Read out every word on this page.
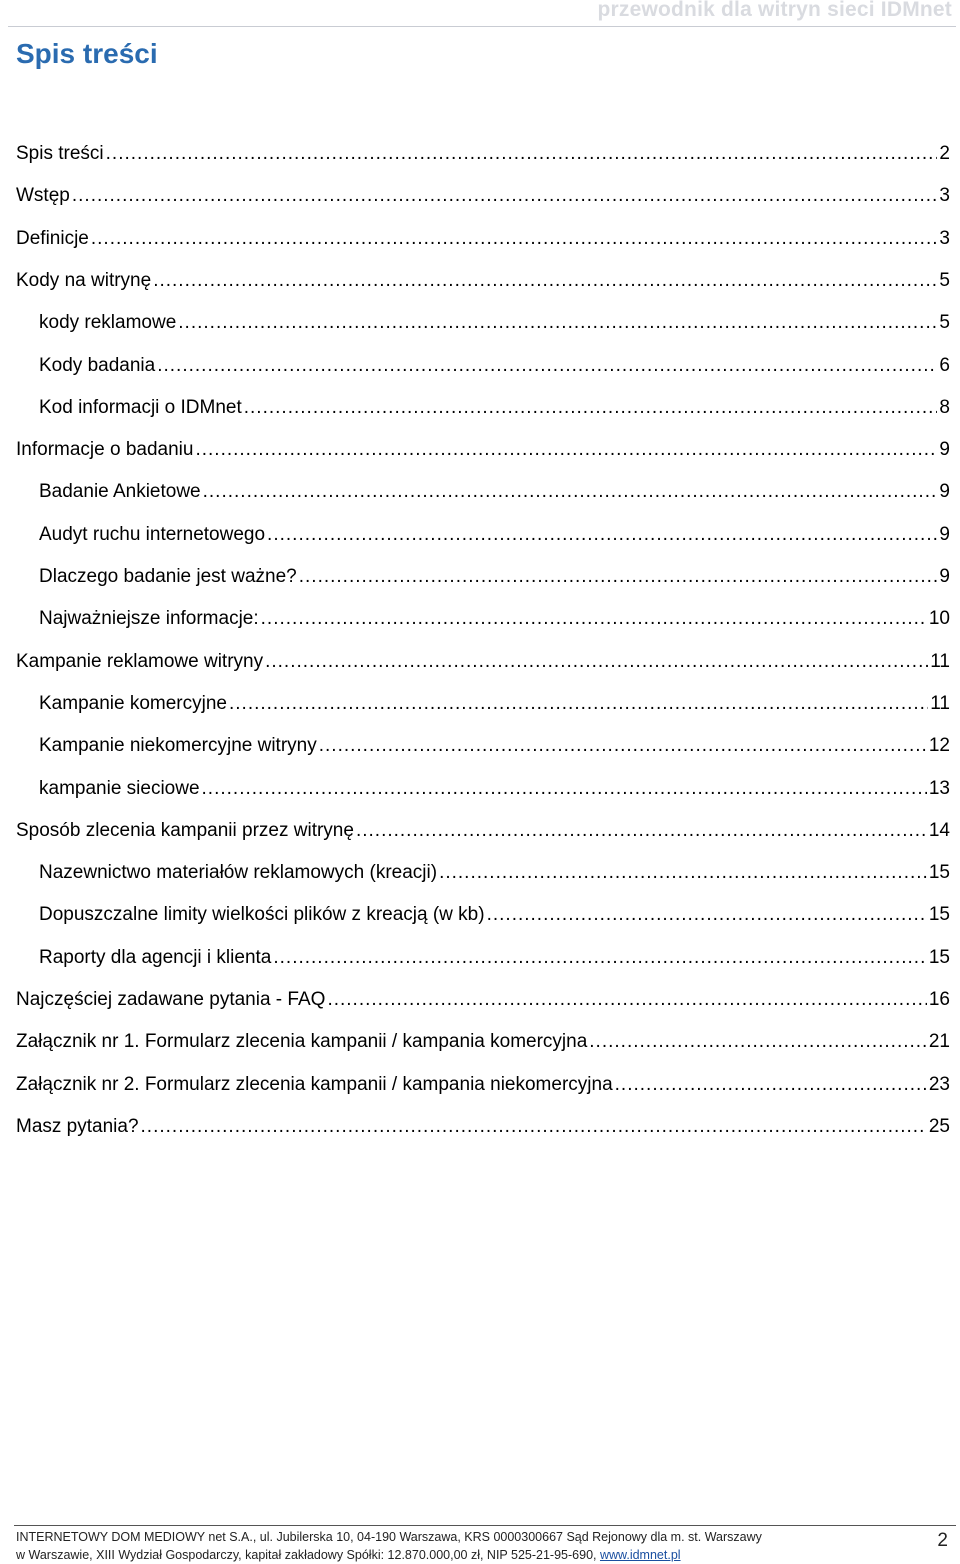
przewodnik dla witryn sieci IDMnet
Spis treści
Spis treści .....	2
Wstęp .....	3
Definicje .....	3
Kody na witrynę .....	5
kody reklamowe .....	5
Kody badania .....	6
Kod informacji o IDMnet .....	8
Informacje o badaniu .....	9
Badanie Ankietowe .....	9
Audyt ruchu internetowego .....	9
Dlaczego badanie jest ważne? .....	9
Najważniejsze informacje: .....	10
Kampanie reklamowe witryny .....	11
Kampanie komercyjne .....	11
Kampanie niekomercyjne witryny .....	12
kampanie sieciowe .....	13
Sposób zlecenia kampanii przez witrynę .....	14
Nazewnictwo materiałów reklamowych (kreacji) .....	15
Dopuszczalne limity wielkości plików z kreacją (w kb) .....	15
Raporty dla agencji i klienta .....	15
Najczęściej zadawane pytania - FAQ .....	16
Załącznik nr 1. Formularz zlecenia kampanii / kampania komercyjna .....	21
Załącznik nr 2. Formularz zlecenia kampanii / kampania niekomercyjna .....	23
Masz pytania? .....	25
INTERNETOWY DOM MEDIOWY net S.A., ul. Jubilerska 10, 04-190 Warszawa, KRS 0000300667 Sąd Rejonowy dla m. st. Warszawy
w Warszawie, XIII Wydział Gospodarczy, kapitał zakładowy Spółki: 12.870.000,00 zł, NIP 525-21-95-690, www.idmnet.pl
2
